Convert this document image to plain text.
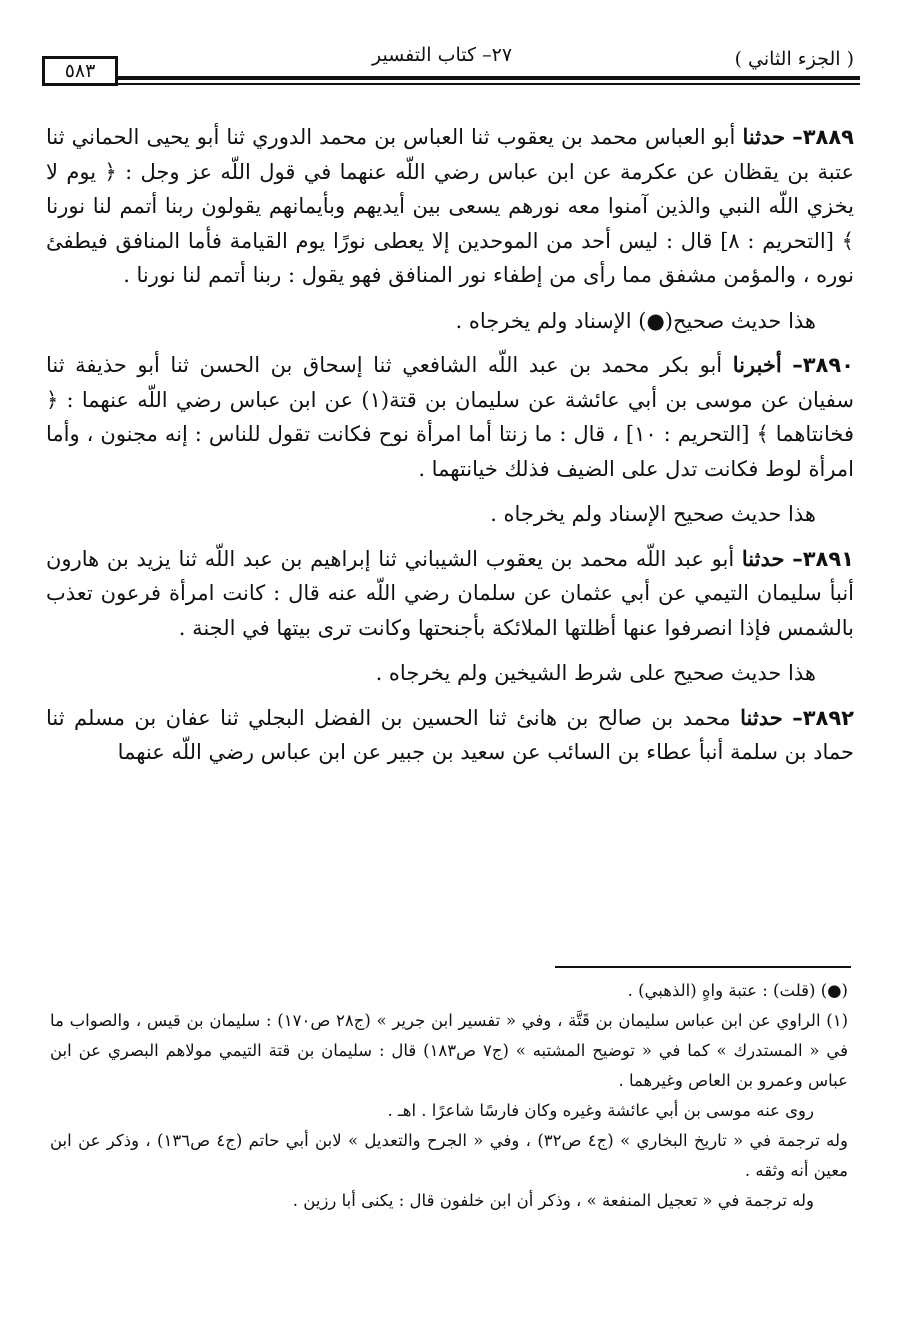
( الجزء الثاني )
٢٧– كتاب التفسير
٥٨٣

٣٨٨٩– حدثنا أبو العباس محمد بن يعقوب ثنا العباس بن محمد الدوري ثنا أبو يحيى الحماني ثنا عتبة بن يقظان عن عكرمة عن ابن عباس رضي اللّه عنهما في قول اللّه عز وجل : ﴿ يوم لا يخزي اللّه النبي والذين آمنوا معه نورهم يسعى بين أيديهم وبأيمانهم يقولون ربنا أتمم لنا نورنا ﴾ [التحريم : ٨] قال : ليس أحد من الموحدين إلا يعطى نورًا يوم القيامة فأما المنافق فيطفئ نوره ، والمؤمن مشفق مما رأى من إطفاء نور المنافق فهو يقول : ربنا أتمم لنا نورنا .

هذا حديث صحيح(●) الإسناد ولم يخرجاه .

٣٨٩٠– أخبرنا أبو بكر محمد بن عبد اللّه الشافعي ثنا إسحاق بن الحسن ثنا أبو حذيفة ثنا سفيان عن موسى بن أبي عائشة عن سليمان بن قتة(١) عن ابن عباس رضي اللّه عنهما : ﴿ فخانتاهما ﴾ [التحريم : ١٠] ، قال : ما زنتا أما امرأة نوح فكانت تقول للناس : إنه مجنون ، وأما امرأة لوط فكانت تدل على الضيف فذلك خيانتهما .

هذا حديث صحيح الإسناد ولم يخرجاه .

٣٨٩١– حدثنا أبو عبد اللّه محمد بن يعقوب الشيباني ثنا إبراهيم بن عبد اللّه ثنا يزيد بن هارون أنبأ سليمان التيمي عن أبي عثمان عن سلمان رضي اللّه عنه قال : كانت امرأة فرعون تعذب بالشمس فإذا انصرفوا عنها أظلتها الملائكة بأجنحتها وكانت ترى بيتها في الجنة .

هذا حديث صحيح على شرط الشيخين ولم يخرجاه .

٣٨٩٢– حدثنا محمد بن صالح بن هانئ ثنا الحسين بن الفضل البجلي ثنا عفان بن مسلم ثنا حماد بن سلمة أنبأ عطاء بن السائب عن سعيد بن جبير عن ابن عباس رضي اللّه عنهما

(●) (قلت) : عتبة واهٍ (الذهبي) .

(١) الراوي عن ابن عباس سليمان بن قَتَّة ، وفي « تفسير ابن جرير » (ج٢٨ ص١٧٠) : سليمان بن قيس ، والصواب ما في « المستدرك » كما في « توضيح المشتبه » (ج٧ ص١٨٣) قال : سليمان بن قتة التيمي مولاهم البصري عن ابن عباس وعمرو بن العاص وغيرهما .

روى عنه موسى بن أبي عائشة وغيره وكان فارسًا شاعرًا . اهـ .

وله ترجمة في « تاريخ البخاري » (ج٤ ص٣٢) ، وفي « الجرح والتعديل » لابن أبي حاتم (ج٤ ص١٣٦) ، وذكر عن ابن معين أنه وثقه .

وله ترجمة في « تعجيل المنفعة » ، وذكر أن ابن خلفون قال : يكنى أبا رزين .
